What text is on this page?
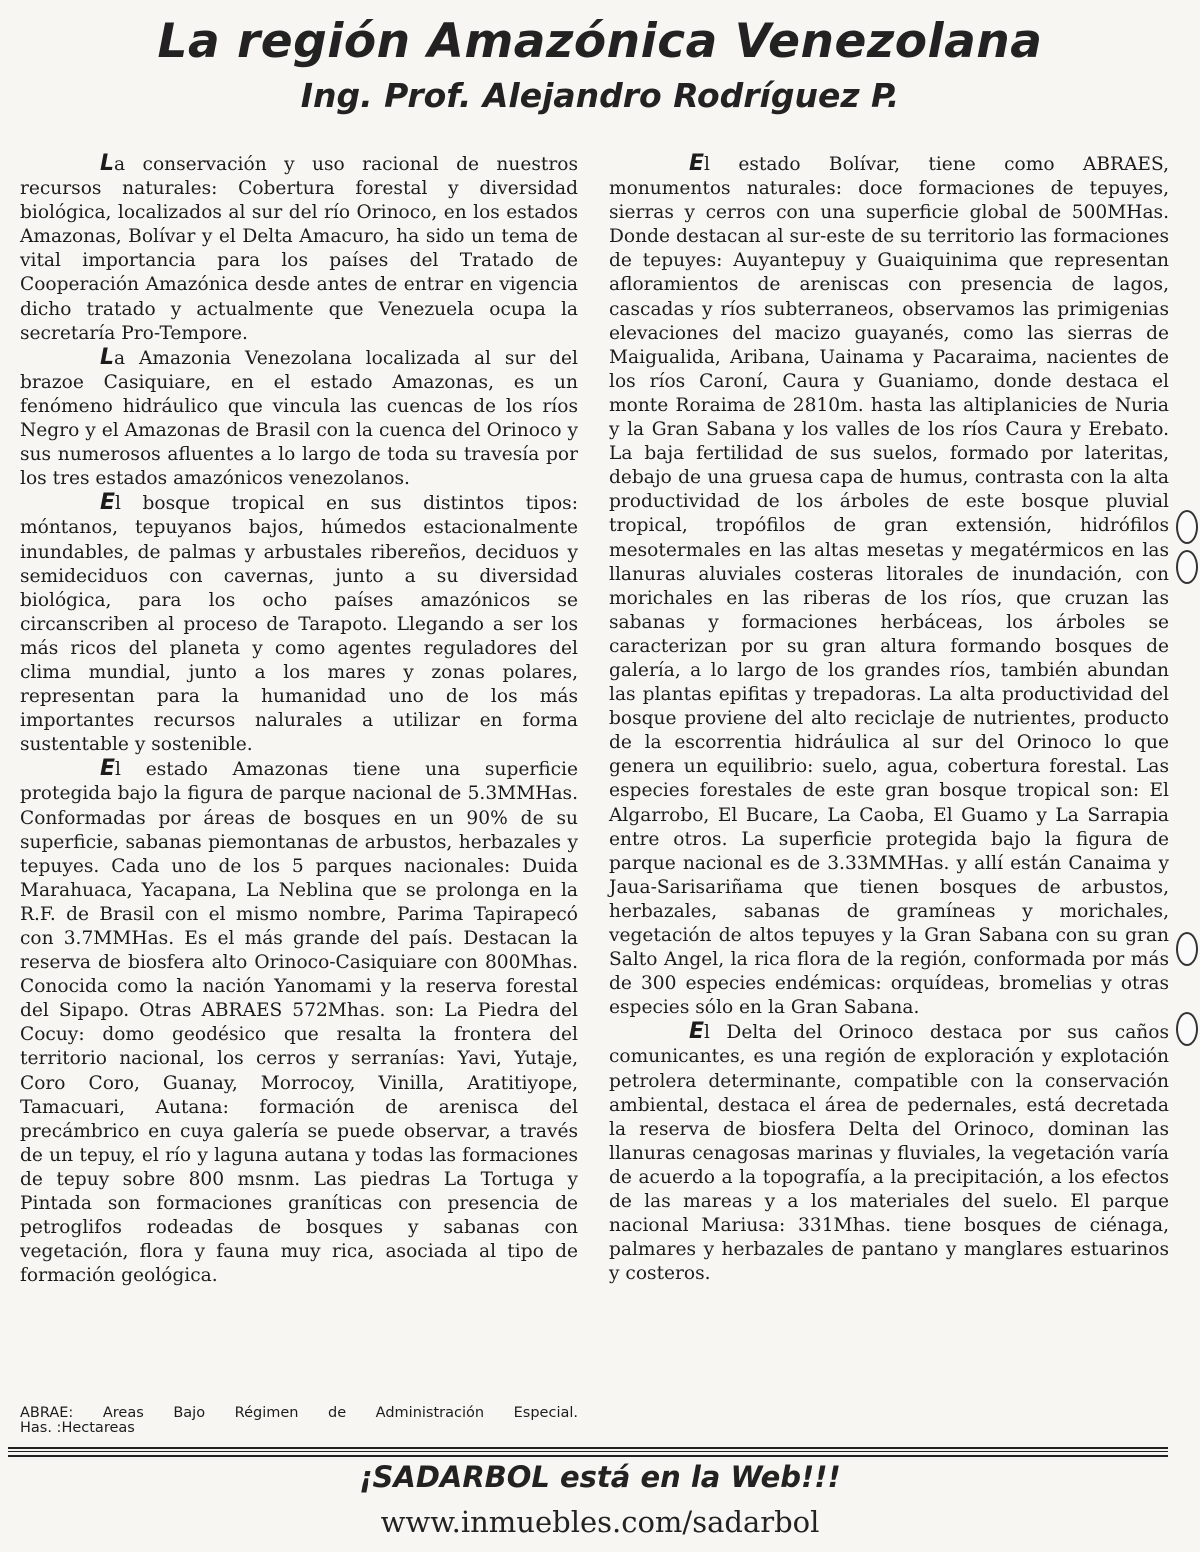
La región Amazónica Venezolana
Ing. Prof. Alejandro Rodríguez P.

La conservación y uso racional de nuestros recursos naturales: Cobertura forestal y diversidad biológica, localizados al sur del río Orinoco, en los estados Amazonas, Bolívar y el Delta Amacuro, ha sido un tema de vital importancia para los países del Tratado de Cooperación Amazónica desde antes de entrar en vigencia dicho tratado y actualmente que Venezuela ocupa la secretaría Pro-Tempore.

La Amazonia Venezolana localizada al sur del brazoe Casiquiare, en el estado Amazonas, es un fenómeno hidráulico que vincula las cuencas de los ríos Negro y el Amazonas de Brasil con la cuenca del Orinoco y sus numerosos afluentes a lo largo de toda su travesía por los tres estados amazónicos venezolanos.

El bosque tropical en sus distintos tipos: móntanos, tepuyanos bajos, húmedos estacionalmente inundables, de palmas y arbustales ribereños, deciduos y semideciduos con cavernas, junto a su diversidad biológica, para los ocho países amazónicos se circanscriben al proceso de Tarapoto. Llegando a ser los más ricos del planeta y como agentes reguladores del clima mundial, junto a los mares y zonas polares, representan para la humanidad uno de los más importantes recursos nalurales a utilizar en forma sustentable y sostenible.

El estado Amazonas tiene una superficie protegida bajo la figura de parque nacional de 5.3MMHas. Conformadas por áreas de bosques en un 90% de su superficie, sabanas piemontanas de arbustos, herbazales y tepuyes. Cada uno de los 5 parques nacionales: Duida Marahuaca, Yacapana, La Neblina que se prolonga en la R.F. de Brasil con el mismo nombre, Parima Tapirapecó con 3.7MMHas. Es el más grande del país. Destacan la reserva de biosfera alto Orinoco-Casiquiare con 800Mhas. Conocida como la nación Yanomami y la reserva forestal del Sipapo. Otras ABRAES 572Mhas. son: La Piedra del Cocuy: domo geodésico que resalta la frontera del territorio nacional, los cerros y serranías: Yavi, Yutaje, Coro Coro, Guanay, Morrocoy, Vinilla, Aratitiyope, Tamacuari, Autana: formación de arenisca del precámbrico en cuya galería se puede observar, a través de un tepuy, el río y laguna autana y todas las formaciones de tepuy sobre 800 msnm. Las piedras La Tortuga y Pintada son formaciones graníticas con presencia de petroglifos rodeadas de bosques y sabanas con vegetación, flora y fauna muy rica, asociada al tipo de formación geológica.

El estado Bolívar, tiene como ABRAES, monumentos naturales: doce formaciones de tepuyes, sierras y cerros con una superficie global de 500MHas. Donde destacan al sur-este de su territorio las formaciones de tepuyes: Auyantepuy y Guaiquinima que representan afloramientos de areniscas con presencia de lagos, cascadas y ríos subterraneos, observamos las primigenias elevaciones del macizo guayanés, como las sierras de Maigualida, Aribana, Uainama y Pacaraima, nacientes de los ríos Caroní, Caura y Guaniamo, donde destaca el monte Roraima de 2810m. hasta las altiplanicies de Nuria y la Gran Sabana y los valles de los ríos Caura y Erebato. La baja fertilidad de sus suelos, formado por lateritas, debajo de una gruesa capa de humus, contrasta con la alta productividad de los árboles de este bosque pluvial tropical, tropófilos de gran extensión, hidrófilos mesotermales en las altas mesetas y megatérmicos en las llanuras aluviales costeras litorales de inundación, con morichales en las riberas de los ríos, que cruzan las sabanas y formaciones herbáceas, los árboles se caracterizan por su gran altura formando bosques de galería, a lo largo de los grandes ríos, también abundan las plantas epifitas y trepadoras. La alta productividad del bosque proviene del alto reciclaje de nutrientes, producto de la escorrentia hidráulica al sur del Orinoco lo que genera un equilibrio: suelo, agua, cobertura forestal. Las especies forestales de este gran bosque tropical son: El Algarrobo, El Bucare, La Caoba, El Guamo y La Sarrapia entre otros. La superficie protegida bajo la figura de parque nacional es de 3.33MMHas. y allí están Canaima y Jaua-Sarisariñama que tienen bosques de arbustos, herbazales, sabanas de gramíneas y morichales, vegetación de altos tepuyes y la Gran Sabana con su gran Salto Angel, la rica flora de la región, conformada por más de 300 especies endémicas: orquídeas, bromelias y otras especies sólo en la Gran Sabana.

El Delta del Orinoco destaca por sus caños comunicantes, es una región de exploración y explotación petrolera determinante, compatible con la conservación ambiental, destaca el área de pedernales, está decretada la reserva de biosfera Delta del Orinoco, dominan las llanuras cenagosas marinas y fluviales, la vegetación varía de acuerdo a la topografía, a la precipitación, a los efectos de las mareas y a los materiales del suelo. El parque nacional Mariusa: 331Mhas. tiene bosques de ciénaga, palmares y herbazales de pantano y manglares estuarinos y costeros.

ABRAE: Areas Bajo Régimen de Administración Especial.
Has. :Hectareas
¡SADARBOL está en la Web!!!
www.inmuebles.com/sadarbol
